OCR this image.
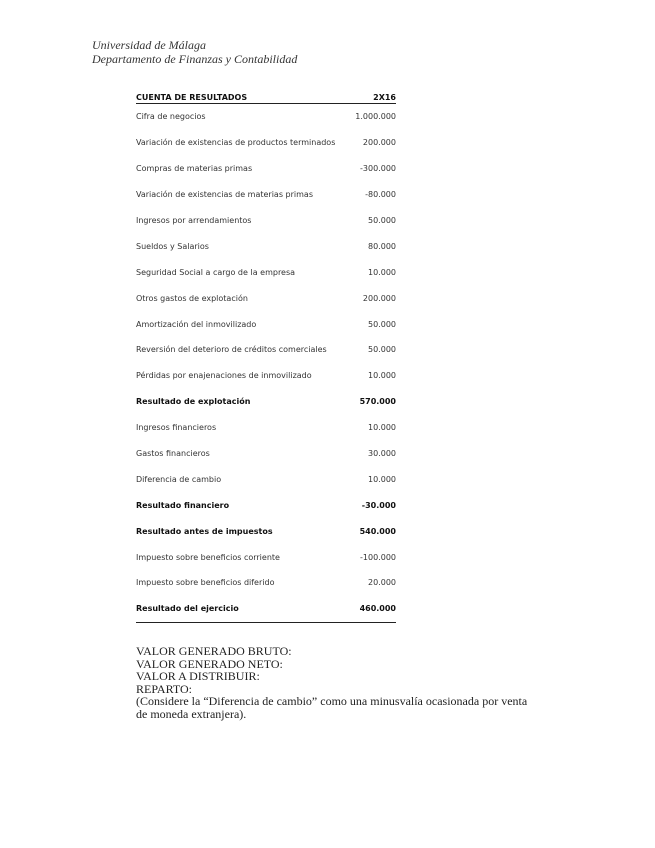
Universidad de Málaga
Departamento de Finanzas y Contabilidad
CUENTA DE RESULTADOS	2X16
Cifra de negocios	1.000.000
Variación de existencias de productos terminados	200.000
Compras de materias primas	-300.000
Variación de existencias de materias primas	-80.000
Ingresos por arrendamientos	50.000
Sueldos y Salarios	80.000
Seguridad Social a cargo de la empresa	10.000
Otros gastos de explotación	200.000
Amortización del inmovilizado	50.000
Reversión del deterioro de créditos comerciales	50.000
Pérdidas por enajenaciones de inmovilizado	10.000
Resultado de explotación	570.000
Ingresos financieros	10.000
Gastos financieros	30.000
Diferencia de cambio	10.000
Resultado financiero	-30.000
Resultado antes de impuestos	540.000
Impuesto sobre beneficios corriente	-100.000
Impuesto sobre beneficios diferido	20.000
Resultado del ejercicio	460.000
VALOR GENERADO BRUTO:
VALOR GENERADO NETO:
VALOR A DISTRIBUIR:
REPARTO:
(Considere la “Diferencia de cambio” como una minusvalía ocasionada por venta
de moneda extranjera).
